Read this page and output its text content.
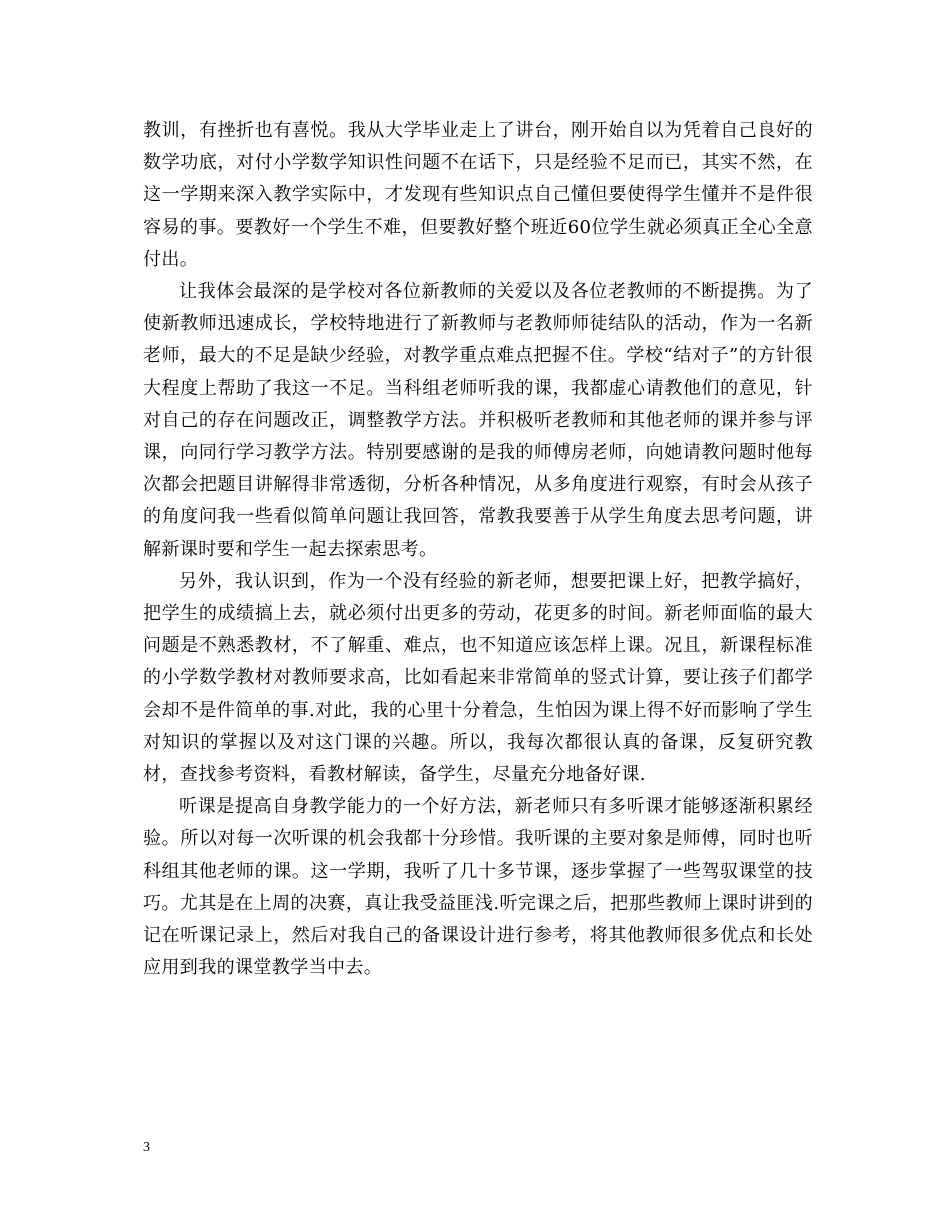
教训，有挫折也有喜悦。我从大学毕业走上了讲台，刚开始自以为凭着自己良好的数学功底，对付小学数学知识性问题不在话下，只是经验不足而已，其实不然，在这一学期来深入教学实际中，才发现有些知识点自己懂但要使得学生懂并不是件很容易的事。要教好一个学生不难，但要教好整个班近60位学生就必须真正全心全意付出。

让我体会最深的是学校对各位新教师的关爱以及各位老教师的不断提携。为了使新教师迅速成长，学校特地进行了新教师与老教师师徒结队的活动，作为一名新老师，最大的不足是缺少经验，对教学重点难点把握不住。学校“结对子”的方针很大程度上帮助了我这一不足。当科组老师听我的课，我都虚心请教他们的意见，针对自己的存在问题改正，调整教学方法。并积极听老教师和其他老师的课并参与评课，向同行学习教学方法。特别要感谢的是我的师傅房老师，向她请教问题时他每次都会把题目讲解得非常透彻，分析各种情况，从多角度进行观察，有时会从孩子的角度问我一些看似简单问题让我回答，常教我要善于从学生角度去思考问题，讲解新课时要和学生一起去探索思考。

另外，我认识到，作为一个没有经验的新老师，想要把课上好，把教学搞好，把学生的成绩搞上去，就必须付出更多的劳动，花更多的时间。新老师面临的最大问题是不熟悉教材，不了解重、难点，也不知道应该怎样上课。况且，新课程标准的小学数学教材对教师要求高，比如看起来非常简单的竖式计算，要让孩子们都学会却不是件简单的事.对此，我的心里十分着急，生怕因为课上得不好而影响了学生对知识的掌握以及对这门课的兴趣。所以，我每次都很认真的备课，反复研究教材，查找参考资料，看教材解读，备学生，尽量充分地备好课.

听课是提高自身教学能力的一个好方法，新老师只有多听课才能够逐渐积累经验。所以对每一次听课的机会我都十分珍惜。我听课的主要对象是师傅，同时也听科组其他老师的课。这一学期，我听了几十多节课，逐步掌握了一些驾驭课堂的技巧。尤其是在上周的决赛，真让我受益匪浅.听完课之后，把那些教师上课时讲到的记在听课记录上，然后对我自己的备课设计进行参考，将其他教师很多优点和长处应用到我的课堂教学当中去。

3
